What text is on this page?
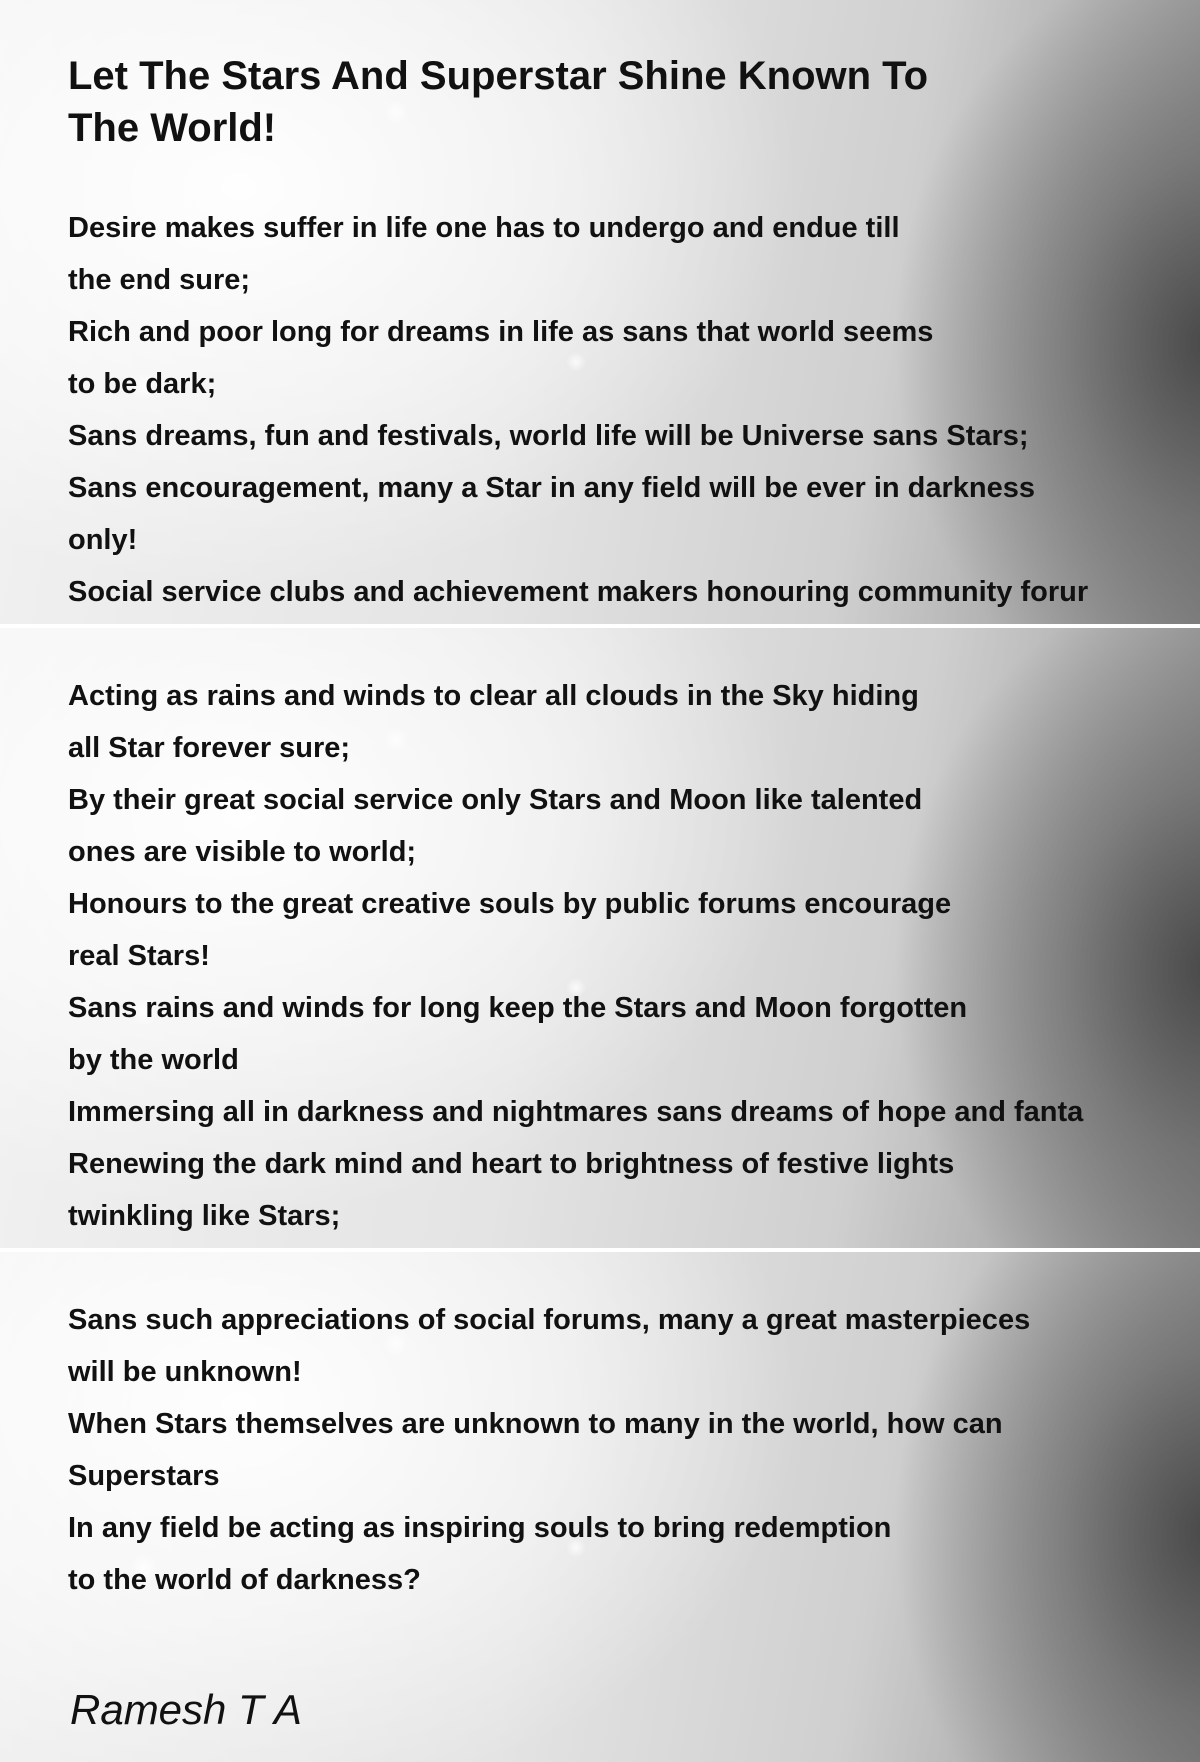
Let The Stars And Superstar Shine Known To
The World!
Desire makes suffer in life one has to undergo and endue till
the end sure;
Rich and poor long for dreams in life as sans that world seems
to be dark;
Sans dreams, fun and festivals, world life will be Universe sans Stars;
Sans encouragement, many a Star in any field will be ever in darkness
only!
Social service clubs and achievement makers honouring community forur
Acting as rains and winds to clear all clouds in the Sky hiding
all Star forever sure;
By their great social service only Stars and Moon like talented
ones are visible to world;
Honours to the great creative souls by public forums encourage
real Stars!
Sans rains and winds for long keep the Stars and Moon forgotten
by the world
Immersing all in darkness and nightmares sans dreams of hope and fanta
Renewing the dark mind and heart to brightness of festive lights
twinkling like Stars;
Sans such appreciations of social forums, many a great masterpieces
will be unknown!
When Stars themselves are unknown to many in the world, how can
Superstars
In any field be acting as inspiring souls to bring redemption
to the world of darkness?
Ramesh T A
